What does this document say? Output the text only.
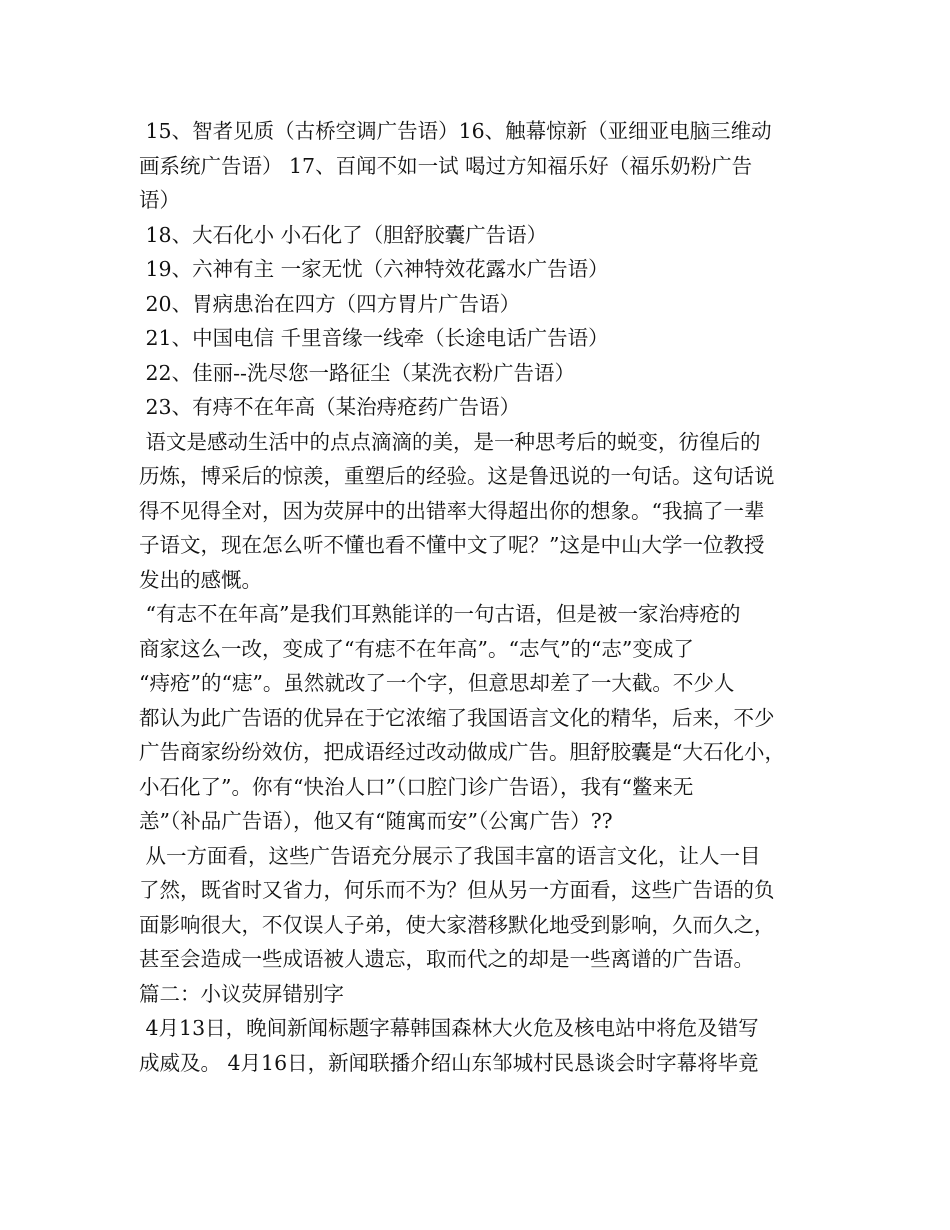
15、智者见质（古桥空调广告语）16、触幕惊新（亚细亚电脑三维动
画系统广告语） 17、百闻不如一试 喝过方知福乐好（福乐奶粉广告
语）
18、大石化小 小石化了（胆舒胶囊广告语）
19、六神有主 一家无忧（六神特效花露水广告语）
20、胃病患治在四方（四方胃片广告语）
21、中国电信 千里音缘一线牵（长途电话广告语）
22、佳丽--洗尽您一路征尘（某洗衣粉广告语）
23、有痔不在年高（某治痔疮药广告语）
语文是感动生活中的点点滴滴的美，是一种思考后的蜕变，彷徨后的
历炼，博采后的惊羡，重塑后的经验。这是鲁迅说的一句话。这句话说
得不见得全对，因为荧屏中的出错率大得超出你的想象。“我搞了一辈
子语文，现在怎么听不懂也看不懂中文了呢？”这是中山大学一位教授
发出的感慨。
“有志不在年高”是我们耳熟能详的一句古语，但是被一家治痔疮的
商家这么一改，变成了“有痣不在年高”。“志气”的“志”变成了
“痔疮”的“痣”。虽然就改了一个字，但意思却差了一大截。不少人
都认为此广告语的优异在于它浓缩了我国语言文化的精华，后来，不少
广告商家纷纷效仿，把成语经过改动做成广告。胆舒胶囊是“大石化小，
小石化了”。你有“快治人口”（口腔门诊广告语），我有“鳖来无
恙”（补品广告语），他又有“随寓而安”（公寓广告）??
从一方面看，这些广告语充分展示了我国丰富的语言文化，让人一目
了然，既省时又省力，何乐而不为？但从另一方面看，这些广告语的负
面影响很大，不仅误人子弟，使大家潜移默化地受到影响，久而久之，
甚至会造成一些成语被人遗忘，取而代之的却是一些离谱的广告语。
篇二：小议荧屏错别字
4月13日，晚间新闻标题字幕韩国森林大火危及核电站中将危及错写
成威及。 4月16日，新闻联播介绍山东邹城村民恳谈会时字幕将毕竟
